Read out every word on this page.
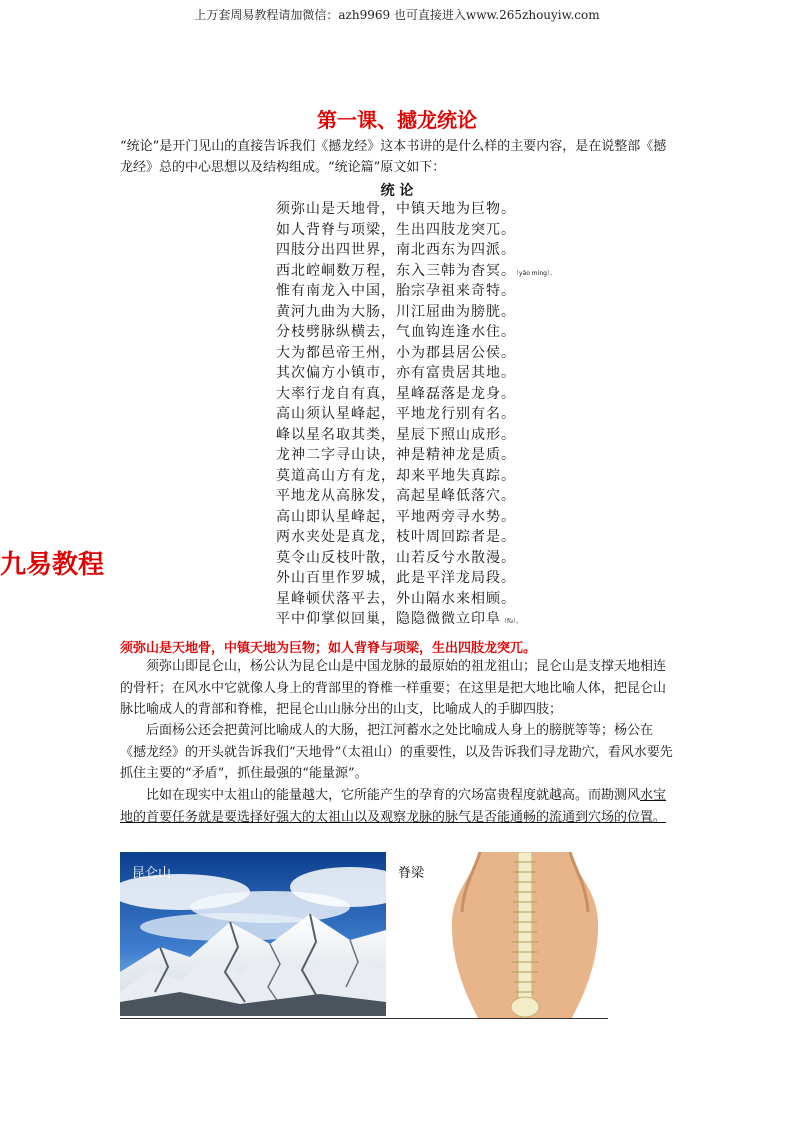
上万套周易教程请加微信：azh9969 也可直接进入www.265zhouyiw.com
第一课、撼龙统论
“统论”是开门见山的直接告诉我们《撼龙经》这本书讲的是什么样的主要内容，是在说整部《撼龙经》总的中心思想以及结构组成。“统论篇”原文如下：
统 论
须弥山是天地骨，中镇天地为巨物。
如人背脊与项梁，生出四肢龙突兀。
四肢分出四世界，南北西东为四派。
西北崆峒数万程，东入三韩为杳冥。（yǎo míng）。
惟有南龙入中国，胎宗孕祖来奇特。
黄河九曲为大肠，川江屈曲为膀胱。
分枝劈脉纵横去，气血钩连逢水住。
大为都邑帝王州，小为郡县居公侯。
其次偏方小镇市，亦有富贵居其地。
大率行龙自有真，星峰磊落是龙身。
高山须认星峰起，平地龙行别有名。
峰以星名取其类，星辰下照山成形。
龙神二字寻山诀，神是精神龙是质。
莫道高山方有龙，却来平地失真踪。
平地龙从高脉发，高起星峰低落穴。
高山即认星峰起，平地两旁寻水势。
两水夹处是真龙，枝叶周回踪者是。
莫令山反枝叶散，山若反兮水散漫。
外山百里作罗城，此是平洋龙局段。
星峰顿伏落平去，外山隔水来相顾。
平中仰掌似回巢，隐隐微微立印阜（fù）。
九易教程
须弥山是天地骨，中镇天地为巨物；如人背脊与项梁，生出四肢龙突兀。

　　须弥山即昆仑山，杨公认为昆仑山是中国龙脉的最原始的祖龙祖山；昆仑山是支撑天地相连的骨杆；在风水中它就像人身上的背部里的脊椎一样重要；在这里是把大地比喻人体，把昆仑山脉比喻成人的背部和脊椎，把昆仑山山脉分出的山支，比喻成人的手脚四肢；

　　后面杨公还会把黄河比喻成人的大肠，把江河蓄水之处比喻成人身上的膀胱等等；杨公在《撼龙经》的开头就告诉我们“天地骨”（太祖山）的重要性，以及告诉我们寻龙勘穴，看风水要先抓住主要的“矛盾”，抓住最强的“能量源”。

　　比如在现实中太祖山的能量越大，它所能产生的孕育的穴场富贵程度就越高。而勘测风水宝地的首要任务就是要选择好强大的太祖山以及观察龙脉的脉气是否能通畅的流通到穴场的位置。

昆仑山	脊梁
